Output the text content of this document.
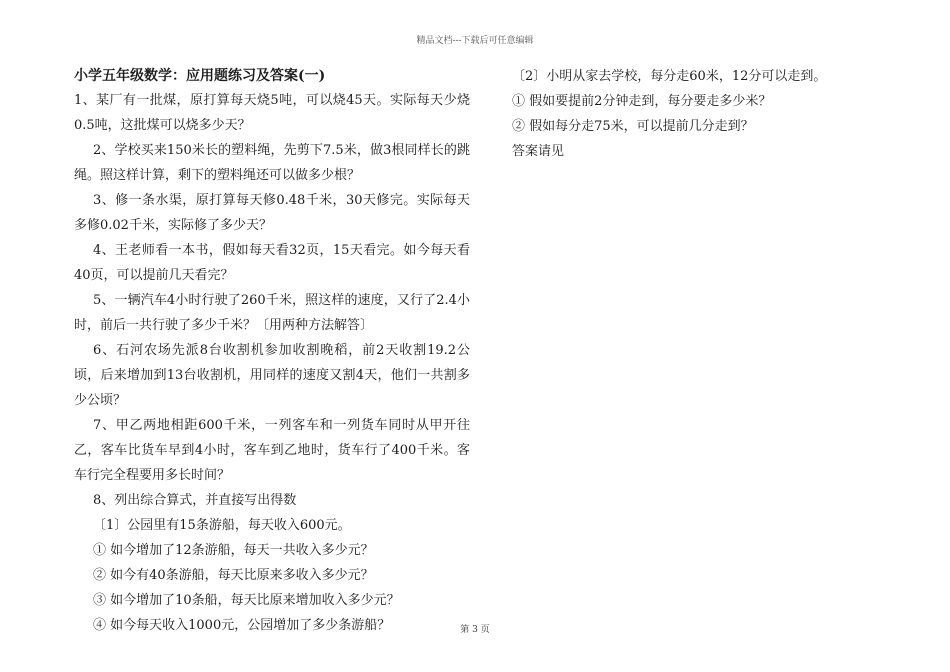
精品文档---下载后可任意编辑
小学五年级数学：应用题练习及答案(一)

1、某厂有一批煤，原打算每天烧5吨，可以烧45天。实际每天少烧0.5吨，这批煤可以烧多少天？

2、学校买来150米长的塑料绳，先剪下7.5米，做3根同样长的跳绳。照这样计算，剩下的塑料绳还可以做多少根？

3、修一条水渠，原打算每天修0.48千米，30天修完。实际每天多修0.02千米，实际修了多少天？

4、王老师看一本书，假如每天看32页，15天看完。如今每天看40页，可以提前几天看完？

5、一辆汽车4小时行驶了260千米，照这样的速度，又行了2.4小时，前后一共行驶了多少千米？〔用两种方法解答〕

6、石河农场先派8台收割机参加收割晚稻，前2天收割19.2公顷，后来增加到13台收割机，用同样的速度又割4天，他们一共割多少公顷？

7、甲乙两地相距600千米，一列客车和一列货车同时从甲开往乙，客车比货车早到4小时，客车到乙地时，货车行了400千米。客车行完全程要用多长时间？

8、列出综合算式，并直接写出得数

〔1〕公园里有15条游船，每天收入600元。

① 如今增加了12条游船，每天一共收入多少元？

② 如今有40条游船，每天比原来多收入多少元？

③ 如今增加了10条船，每天比原来增加收入多少元？

④ 如今每天收入1000元，公园增加了多少条游船？

〔2〕小明从家去学校，每分走60米，12分可以走到。

① 假如要提前2分钟走到，每分要走多少米？

② 假如每分走75米，可以提前几分走到？

答案请见

第 3 页
